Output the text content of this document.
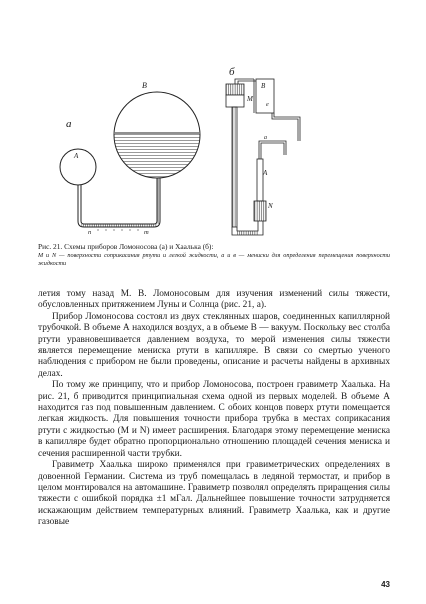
а
A
B
n	m
б
M
B
e
N
A
a
Рис. 21. Схемы приборов Ломоносова (а) и Хаалька (б):
М и N — поверхности соприкасания ртути и легкой жидкости, а и в — мениски для определения перемещения поверхности жидкости

летия тому назад М. В. Ломоносовым для изучения изменений силы тяжести, обусловленных притяжением Луны и Солнца (рис. 21, а).

Прибор Ломоносова состоял из двух стеклянных шаров, соединенных капиллярной трубочкой. В объеме А находился воздух, а в объеме В — вакуум. Поскольку вес столба ртути уравновешивается давлением воздуха, то мерой изменения силы тяжести является перемещение мениска ртути в капилляре. В связи со смертью ученого наблюдения с прибором не были проведены, описание и расчеты найдены в архивных делах.

По тому же принципу, что и прибор Ломоносова, построен гравиметр Хаалька. На рис. 21, б приводится принципиальная схема одной из первых моделей. В объеме А находится газ под повышенным давлением. С обоих концов поверх ртути помещается легкая жидкость. Для повышения точности прибора трубка в местах соприкасания ртути с жидкостью (М и N) имеет расширения. Благодаря этому перемещение мениска в капилляре будет обратно пропорционально отношению площадей сечения мениска и сечения расширенной части трубки.

Гравиметр Хаалька широко применялся при гравиметрических определениях в довоенной Германии. Система из труб помещалась в ледяной термостат, и прибор в целом монтировался на автомашине. Гравиметр позволял определять приращения силы тяжести с ошибкой порядка ±1 мГал. Дальнейшее повышение точности затрудняется искажающим действием температурных влияний. Гравиметр Хаалька, как и другие газовые

43
